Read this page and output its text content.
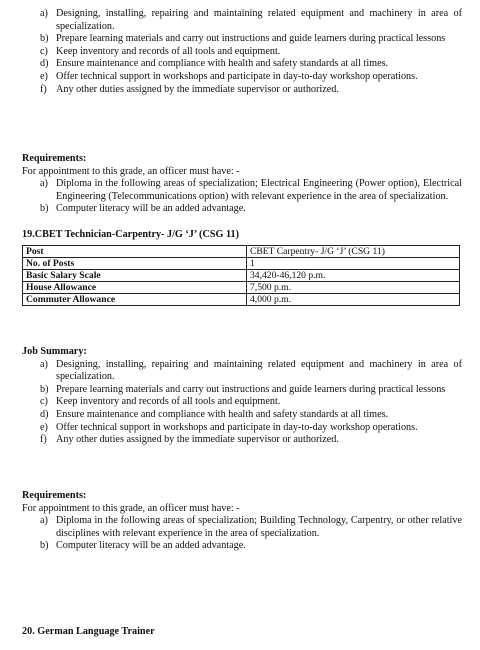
a) Designing, installing, repairing and maintaining related equipment and machinery in area of specialization.
b) Prepare learning materials and carry out instructions and guide learners during practical lessons
c) Keep inventory and records of all tools and equipment.
d) Ensure maintenance and compliance with health and safety standards at all times.
e) Offer technical support in workshops and participate in day-to-day workshop operations.
f) Any other duties assigned by the immediate supervisor or authorized.

Requirements:

For appointment to this grade, an officer must have: -

a) Diploma in the following areas of specialization; Electrical Engineering (Power option), Electrical Engineering (Telecommunications option) with relevant experience in the area of specialization.
b) Computer literacy will be an added advantage.

19.CBET Technician-Carpentry- J/G ‘J’ (CSG 11)

Post	CBET Carpentry- J/G ‘J’ (CSG 11)
No. of Posts	1
Basic Salary Scale	34,420-46,120 p.m.
House Allowance	7,500 p.m.
Commuter Allowance	4,000 p.m.

Job Summary:

a) Designing, installing, repairing and maintaining related equipment and machinery in area of specialization.
b) Prepare learning materials and carry out instructions and guide learners during practical lessons
c) Keep inventory and records of all tools and equipment.
d) Ensure maintenance and compliance with health and safety standards at all times.
e) Offer technical support in workshops and participate in day-to-day workshop operations.
f) Any other duties assigned by the immediate supervisor or authorized.

Requirements:

For appointment to this grade, an officer must have: -

a) Diploma in the following areas of specialization; Building Technology, Carpentry, or other relative disciplines with relevant experience in the area of specialization.
b) Computer literacy will be an added advantage.

20. German Language Trainer
